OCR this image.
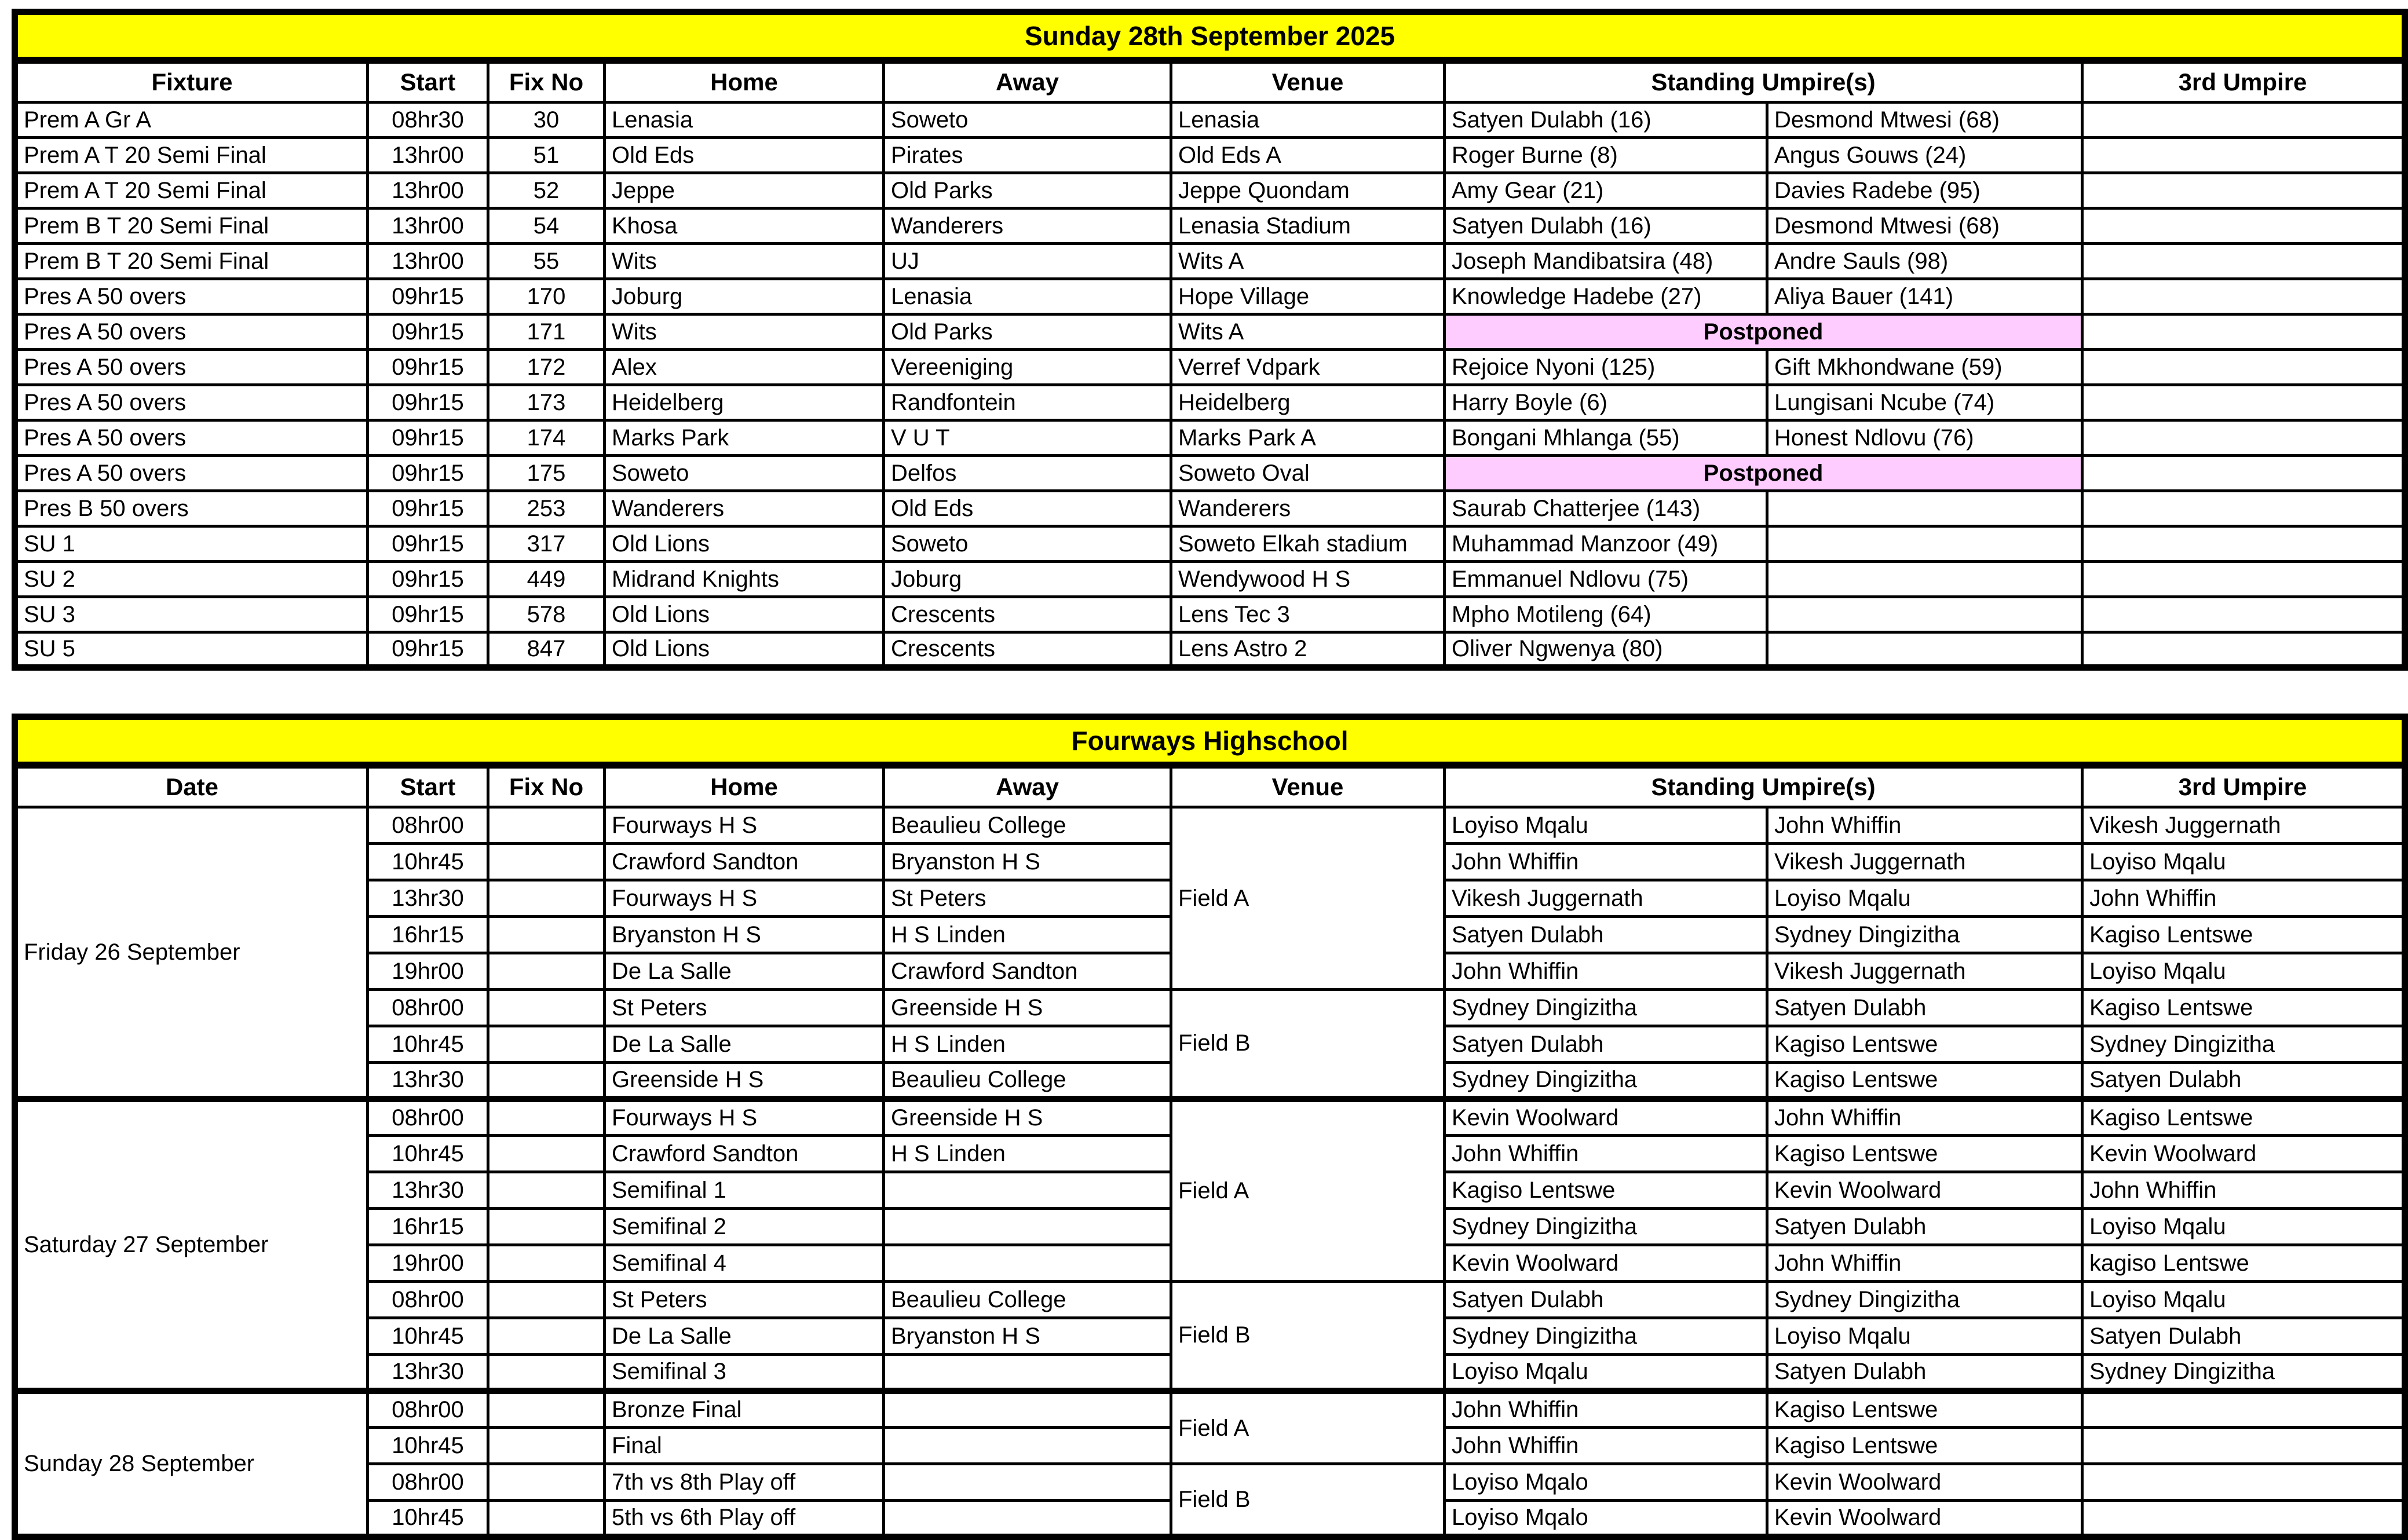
Sunday 28th September 2025								
Fixture	Start	Fix No	Home	Away	Venue	Standing Umpire(s)		3rd Umpire
Prem A Gr A	08hr30	30	Lenasia	Soweto	Lenasia	Satyen Dulabh (16)	Desmond Mtwesi (68)	
Prem A T 20 Semi Final	13hr00	51	Old Eds	Pirates	Old Eds A	Roger Burne (8)	Angus Gouws (24)	
Prem A T 20 Semi Final	13hr00	52	Jeppe	Old Parks	Jeppe Quondam	Amy Gear (21)	Davies Radebe (95)	
Prem B T 20 Semi Final	13hr00	54	Khosa	Wanderers	Lenasia Stadium	Satyen Dulabh (16)	Desmond Mtwesi (68)	
Prem B T 20 Semi Final	13hr00	55	Wits	UJ	Wits A	Joseph Mandibatsira (48)	Andre Sauls (98)	
Pres A 50 overs	09hr15	170	Joburg	Lenasia	Hope Village	Knowledge Hadebe (27)	Aliya Bauer (141)	
Pres A 50 overs	09hr15	171	Wits	Old Parks	Wits A	Postponed		
Pres A 50 overs	09hr15	172	Alex	Vereeniging	Verref Vdpark	Rejoice Nyoni (125)	Gift Mkhondwane (59)	
Pres A 50 overs	09hr15	173	Heidelberg	Randfontein	Heidelberg	Harry Boyle (6)	Lungisani Ncube (74)	
Pres A 50 overs	09hr15	174	Marks Park	V U T	Marks Park A	Bongani Mhlanga (55)	Honest Ndlovu (76)	
Pres A 50 overs	09hr15	175	Soweto	Delfos	Soweto Oval	Postponed		
Pres B 50 overs	09hr15	253	Wanderers	Old Eds	Wanderers	Saurab Chatterjee (143)		
SU 1	09hr15	317	Old Lions	Soweto	Soweto Elkah stadium	Muhammad Manzoor (49)		
SU 2	09hr15	449	Midrand Knights	Joburg	Wendywood H S	Emmanuel Ndlovu (75)		
SU 3	09hr15	578	Old Lions	Crescents	Lens Tec 3	Mpho Motileng (64)		
SU 5	09hr15	847	Old Lions	Crescents	Lens Astro 2	Oliver Ngwenya (80)		
Fourways Highschool								
Date	Start	Fix No	Home	Away	Venue	Standing Umpire(s)		3rd Umpire
Friday 26 September	08hr00		Fourways H S	Beaulieu College	Field A	Loyiso Mqalu	John Whiffin	Vikesh Juggernath
	10hr45		Crawford Sandton	Bryanston H S		John Whiffin	Vikesh Juggernath	Loyiso Mqalu
	13hr30		Fourways H S	St Peters		Vikesh Juggernath	Loyiso Mqalu	John Whiffin
	16hr15		Bryanston H S	H S Linden		Satyen Dulabh	Sydney Dingizitha	Kagiso Lentswe
	19hr00		De La Salle	Crawford Sandton		John Whiffin	Vikesh Juggernath	Loyiso Mqalu
	08hr00		St Peters	Greenside H S	Field B	Sydney Dingizitha	Satyen Dulabh	Kagiso Lentswe
	10hr45		De La Salle	H S Linden		Satyen Dulabh	Kagiso Lentswe	Sydney Dingizitha
	13hr30		Greenside H S	Beaulieu College		Sydney Dingizitha	Kagiso Lentswe	Satyen Dulabh
Saturday 27 September	08hr00		Fourways H S	Greenside H S	Field A	Kevin Woolward	John Whiffin	Kagiso Lentswe
	10hr45		Crawford Sandton	H S Linden		John Whiffin	Kagiso Lentswe	Kevin Woolward
	13hr30		Semifinal 1			Kagiso Lentswe	Kevin Woolward	John Whiffin
	16hr15		Semifinal 2			Sydney Dingizitha	Satyen Dulabh	Loyiso Mqalu
	19hr00		Semifinal 4			Kevin Woolward	John Whiffin	kagiso Lentswe
	08hr00		St Peters	Beaulieu College	Field B	Satyen Dulabh	Sydney Dingizitha	Loyiso Mqalu
	10hr45		De La Salle	Bryanston H S		Sydney Dingizitha	Loyiso Mqalu	Satyen Dulabh
	13hr30		Semifinal 3			Loyiso Mqalu	Satyen Dulabh	Sydney Dingizitha
Sunday 28 September	08hr00		Bronze Final		Field A	John Whiffin	Kagiso Lentswe	
	10hr45		Final			John Whiffin	Kagiso Lentswe	
	08hr00		7th vs 8th Play off		Field B	Loyiso Mqalo	Kevin Woolward	
	10hr45		5th vs 6th Play off			Loyiso Mqalo	Kevin Woolward	
